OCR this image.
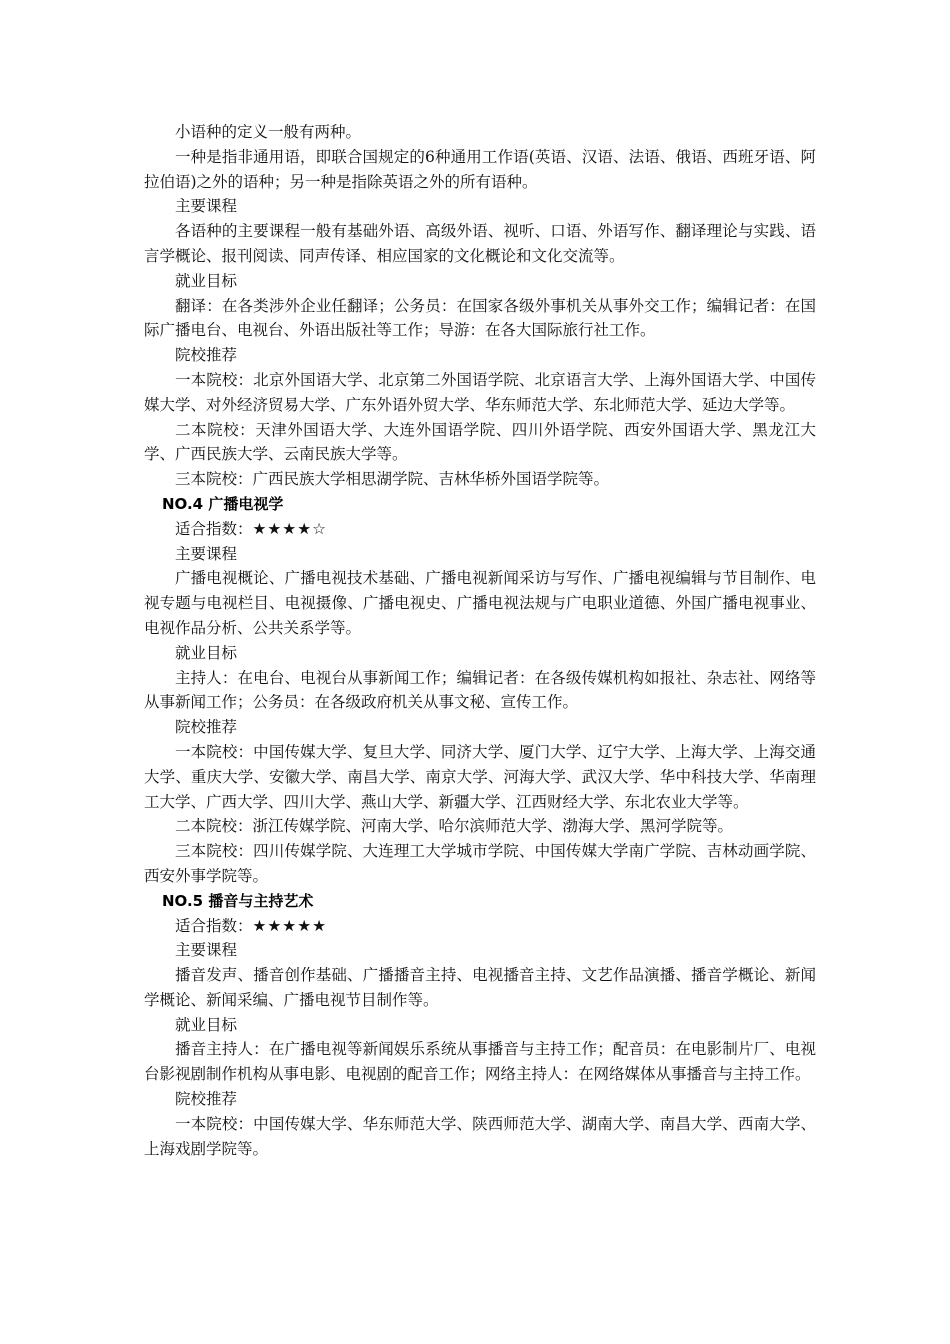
小语种的定义一般有两种。

一种是指非通用语，即联合国规定的6种通用工作语(英语、汉语、法语、俄语、西班牙语、阿拉伯语)之外的语种；另一种是指除英语之外的所有语种。

主要课程

各语种的主要课程一般有基础外语、高级外语、视听、口语、外语写作、翻译理论与实践、语言学概论、报刊阅读、同声传译、相应国家的文化概论和文化交流等。

就业目标

翻译：在各类涉外企业任翻译；公务员：在国家各级外事机关从事外交工作；编辑记者：在国际广播电台、电视台、外语出版社等工作；导游：在各大国际旅行社工作。

院校推荐

一本院校：北京外国语大学、北京第二外国语学院、北京语言大学、上海外国语大学、中国传媒大学、对外经济贸易大学、广东外语外贸大学、华东师范大学、东北师范大学、延边大学等。

二本院校：天津外国语大学、大连外国语学院、四川外语学院、西安外国语大学、黑龙江大学、广西民族大学、云南民族大学等。

三本院校：广西民族大学相思湖学院、吉林华桥外国语学院等。

NO.4 广播电视学

适合指数：★★★★☆

主要课程

广播电视概论、广播电视技术基础、广播电视新闻采访与写作、广播电视编辑与节目制作、电视专题与电视栏目、电视摄像、广播电视史、广播电视法规与广电职业道德、外国广播电视事业、电视作品分析、公共关系学等。

就业目标

主持人：在电台、电视台从事新闻工作；编辑记者：在各级传媒机构如报社、杂志社、网络等从事新闻工作；公务员：在各级政府机关从事文秘、宣传工作。

院校推荐

一本院校：中国传媒大学、复旦大学、同济大学、厦门大学、辽宁大学、上海大学、上海交通大学、重庆大学、安徽大学、南昌大学、南京大学、河海大学、武汉大学、华中科技大学、华南理工大学、广西大学、四川大学、燕山大学、新疆大学、江西财经大学、东北农业大学等。

二本院校：浙江传媒学院、河南大学、哈尔滨师范大学、渤海大学、黑河学院等。

三本院校：四川传媒学院、大连理工大学城市学院、中国传媒大学南广学院、吉林动画学院、西安外事学院等。

NO.5 播音与主持艺术

适合指数：★★★★★

主要课程

播音发声、播音创作基础、广播播音主持、电视播音主持、文艺作品演播、播音学概论、新闻学概论、新闻采编、广播电视节目制作等。

就业目标

播音主持人：在广播电视等新闻娱乐系统从事播音与主持工作；配音员：在电影制片厂、电视台影视剧制作机构从事电影、电视剧的配音工作；网络主持人：在网络媒体从事播音与主持工作。

院校推荐

一本院校：中国传媒大学、华东师范大学、陕西师范大学、湖南大学、南昌大学、西南大学、上海戏剧学院等。
